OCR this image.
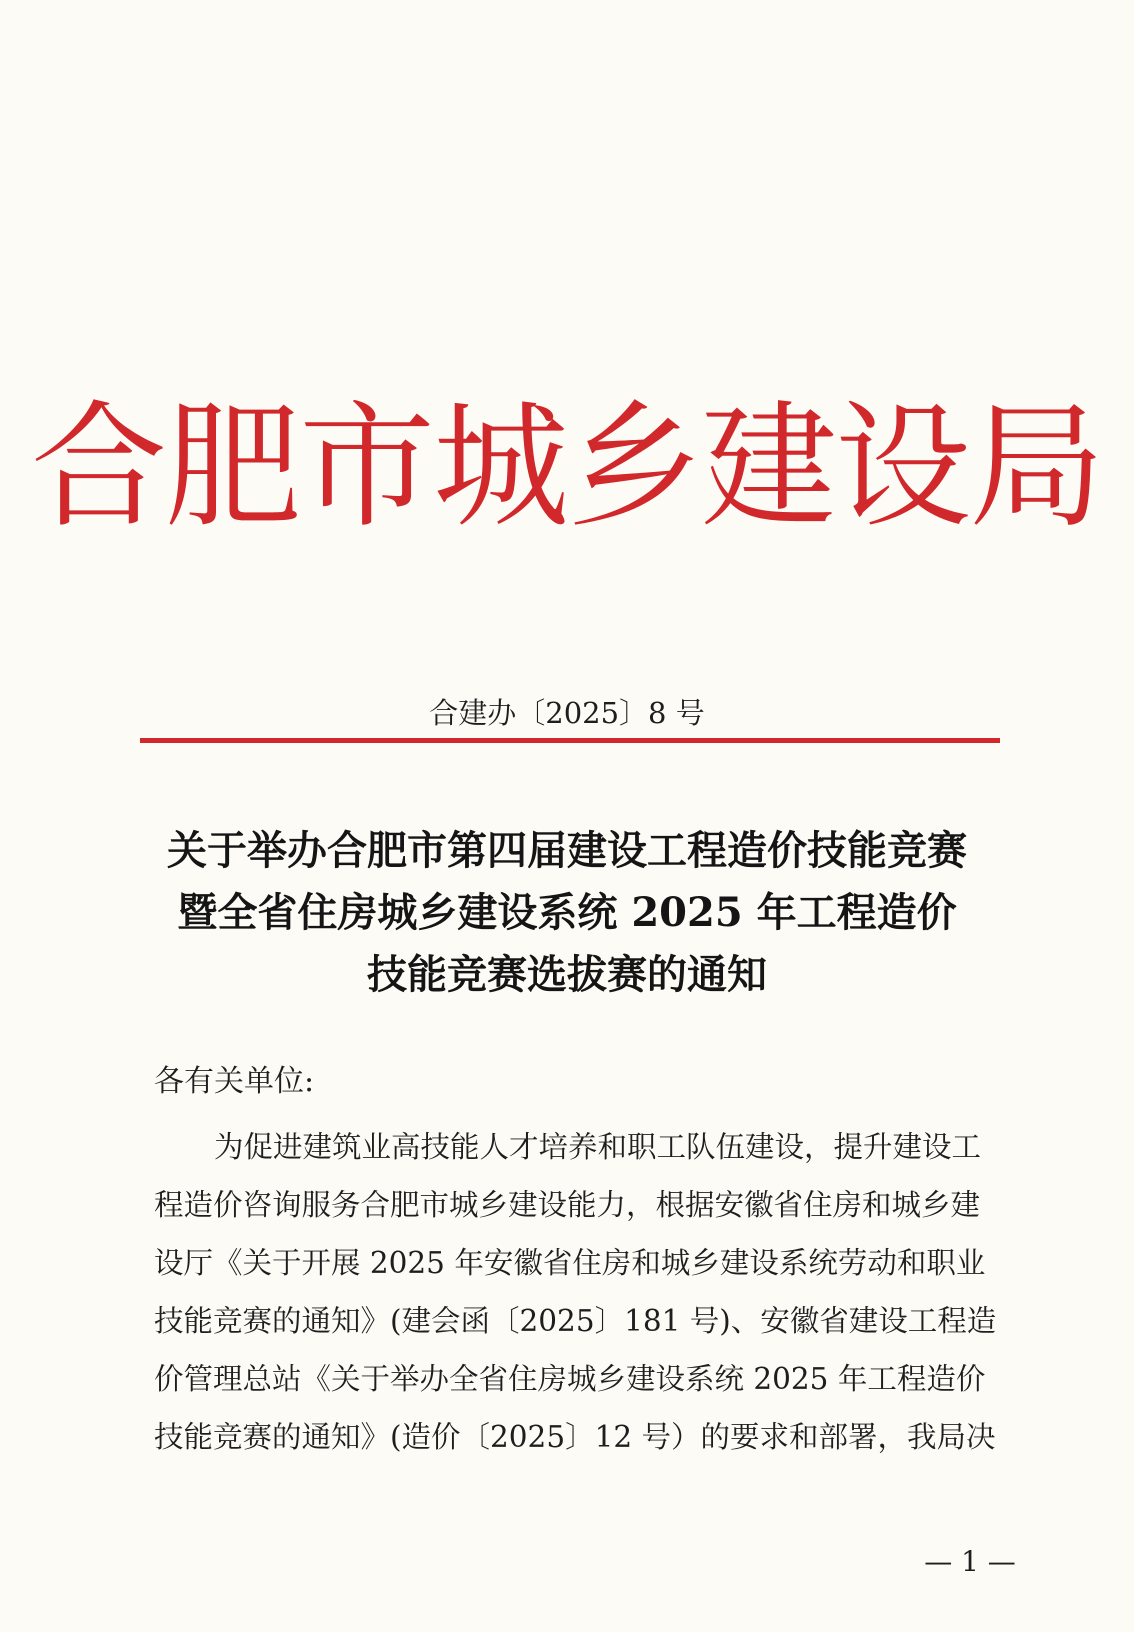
合肥市城乡建设局
合建办〔2025〕8 号
关于举办合肥市第四届建设工程造价技能竞赛
暨全省住房城乡建设系统 2025 年工程造价
技能竞赛选拔赛的通知
各有关单位:
为促进建筑业高技能人才培养和职工队伍建设，提升建设工
程造价咨询服务合肥市城乡建设能力，根据安徽省住房和城乡建
设厅《关于开展 2025 年安徽省住房和城乡建设系统劳动和职业
技能竞赛的通知》(建会函〔2025〕181 号)、安徽省建设工程造
价管理总站《关于举办全省住房城乡建设系统 2025 年工程造价
技能竞赛的通知》(造价〔2025〕12 号）的要求和部署，我局决
— 1 —
